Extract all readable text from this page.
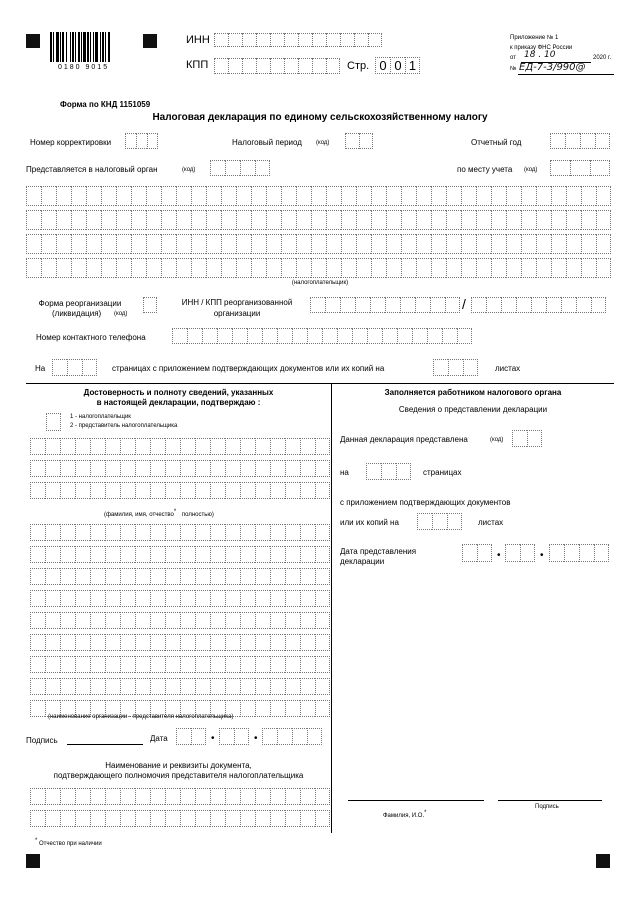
0180 9015
ИНН
КПП	Стр. 0 0 1
Приложение № 1
к приказу ФНС России
от 18 . 10	2020 г.
№ ЕД-7-3/990@
Форма по КНД 1151059
Налоговая декларация по единому сельскохозяйственному налогу
Номер корректировки	Налоговый период (код)	Отчетный год
Представляется в налоговый орган	(код)	по месту учета (код)
(налогоплательщик)
Форма реорганизации
(ликвидация) (код)
ИНН / КПП реорганизованной
организации
/
Номер контактного телефона
На	страницах с приложением подтверждающих документов или их копий на	листах
Достоверность и полноту сведений, указанных
в настоящей декларации, подтверждаю :
1 - налогоплательщик
2 - представитель налогоплательщика
(фамилия, имя, отчество* полностью)
(наименование организации - представителя налогоплательщика)
Подпись	Дата	•	•
Наименование и реквизиты документа,
подтверждающего полномочия представителя налогоплательщика
Заполняется работником налогового органа
Сведения о представлении декларации
Данная декларация представлена	(код)
на	страницах
с приложением подтверждающих документов
или их копий на	листах
Дата представления
декларации
•	•
Фамилия, И.О.*
Подпись
* Отчество при наличии
